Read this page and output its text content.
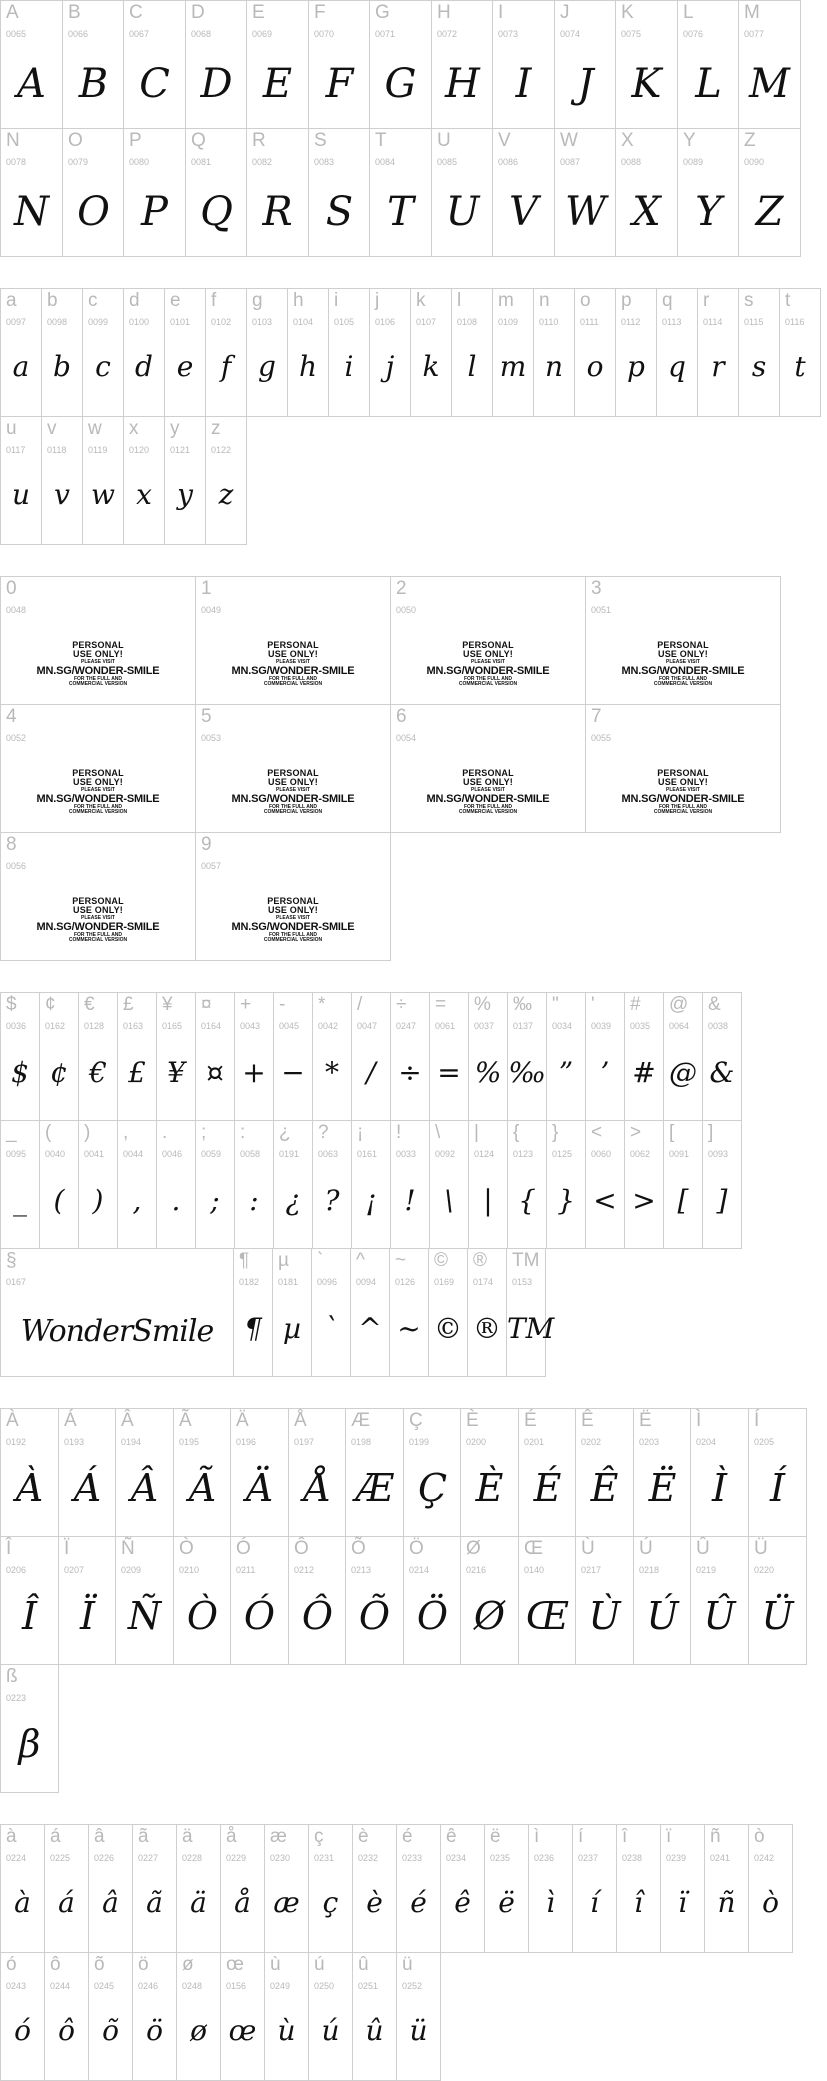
A
0065
A
B
0066
B
C
0067
C
D
0068
D
E
0069
E
F
0070
F
G
0071
G
H
0072
H
I
0073
I
J
0074
J
K
0075
K
L
0076
L
M
0077
M
N
0078
N
O
0079
O
P
0080
P
Q
0081
Q
R
0082
R
S
0083
S
T
0084
T
U
0085
U
V
0086
V
W
0087
W
X
0088
X
Y
0089
Y
Z
0090
Z
a
0097
a
b
0098
b
c
0099
c
d
0100
d
e
0101
e
f
0102
f
g
0103
g
h
0104
h
i
0105
i
j
0106
j
k
0107
k
l
0108
l
m
0109
m
n
0110
n
o
0111
o
p
0112
p
q
0113
q
r
0114
r
s
0115
s
t
0116
t
u
0117
u
v
0118
v
w
0119
w
x
0120
x
y
0121
y
z
0122
z
0
0048
PERSONAL
USE ONLY!
PLEASE VISIT
MN.SG/WONDER-SMILE
FOR THE FULL AND
COMMERCIAL VERSION
1
0049
PERSONAL
USE ONLY!
PLEASE VISIT
MN.SG/WONDER-SMILE
FOR THE FULL AND
COMMERCIAL VERSION
2
0050
PERSONAL
USE ONLY!
PLEASE VISIT
MN.SG/WONDER-SMILE
FOR THE FULL AND
COMMERCIAL VERSION
3
0051
PERSONAL
USE ONLY!
PLEASE VISIT
MN.SG/WONDER-SMILE
FOR THE FULL AND
COMMERCIAL VERSION
4
0052
PERSONAL
USE ONLY!
PLEASE VISIT
MN.SG/WONDER-SMILE
FOR THE FULL AND
COMMERCIAL VERSION
5
0053
PERSONAL
USE ONLY!
PLEASE VISIT
MN.SG/WONDER-SMILE
FOR THE FULL AND
COMMERCIAL VERSION
6
0054
PERSONAL
USE ONLY!
PLEASE VISIT
MN.SG/WONDER-SMILE
FOR THE FULL AND
COMMERCIAL VERSION
7
0055
PERSONAL
USE ONLY!
PLEASE VISIT
MN.SG/WONDER-SMILE
FOR THE FULL AND
COMMERCIAL VERSION
8
0056
PERSONAL
USE ONLY!
PLEASE VISIT
MN.SG/WONDER-SMILE
FOR THE FULL AND
COMMERCIAL VERSION
9
0057
PERSONAL
USE ONLY!
PLEASE VISIT
MN.SG/WONDER-SMILE
FOR THE FULL AND
COMMERCIAL VERSION
$
0036
$
¢
0162
¢
€
0128
€
£
0163
£
¥
0165
¥
¤
0164
¤
+
0043
+
-
0045
−
*
0042
*
/
0047
/
÷
0247
÷
=
0061
=
%
0037
%
‰
0137
‰
"
0034
”
'
0039
’
#
0035
#
@
0064
@
&
0038
&
_
0095
_
(
0040
(
)
0041
)
,
0044
,
.
0046
.
;
0059
;
:
0058
:
¿
0191
¿
?
0063
?
¡
0161
¡
!
0033
!
\
0092
\
|
0124
|
{
0123
{
}
0125
}
<
0060
<
>
0062
>
[
0091
[
]
0093
]
§
0167
WonderSmile
¶
0182
¶
µ
0181
µ
`
0096
`
^
0094
^
~
0126
~
©
0169
©
®
0174
®
TM
0153
TM
À
0192
À
Á
0193
Á
Â
0194
Â
Ã
0195
Ã
Ä
0196
Ä
Å
0197
Å
Æ
0198
Æ
Ç
0199
Ç
È
0200
È
É
0201
É
Ê
0202
Ê
Ë
0203
Ë
Ì
0204
Ì
Í
0205
Í
Î
0206
Î
Ï
0207
Ï
Ñ
0209
Ñ
Ò
0210
Ò
Ó
0211
Ó
Ô
0212
Ô
Õ
0213
Õ
Ö
0214
Ö
Ø
0216
Ø
Œ
0140
Œ
Ù
0217
Ù
Ú
0218
Ú
Û
0219
Û
Ü
0220
Ü
ß
0223
β
à
0224
à
á
0225
á
â
0226
â
ã
0227
ã
ä
0228
ä
å
0229
å
æ
0230
æ
ç
0231
ç
è
0232
è
é
0233
é
ê
0234
ê
ë
0235
ë
ì
0236
ì
í
0237
í
î
0238
î
ï
0239
ï
ñ
0241
ñ
ò
0242
ò
ó
0243
ó
ô
0244
ô
õ
0245
õ
ö
0246
ö
ø
0248
ø
œ
0156
œ
ù
0249
ù
ú
0250
ú
û
0251
û
ü
0252
ü
